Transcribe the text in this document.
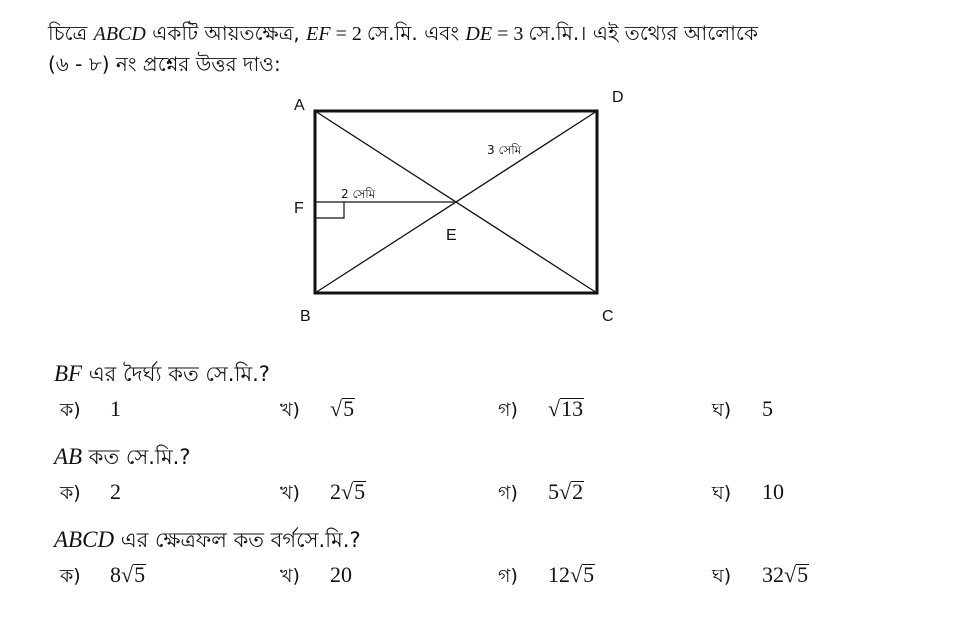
চিত্রে ABCD একটি আয়তক্ষেত্র, EF = 2 সে.মি. এবং DE = 3 সে.মি.। এই তথ্যের আলোকে
(৬ - ৮) নং প্রশ্নের উত্তর দাও:
A	D
B	C
F
E
2 সেমি
3 সেমি
BF এর দৈর্ঘ্য কত সে.মি.?
ক) 1	খ) √5	গ) √13	ঘ) 5
AB কত সে.মি.?
ক) 2	খ) 2√5	গ) 5√2	ঘ) 10
ABCD এর ক্ষেত্রফল কত বর্গসে.মি.?
ক) 8√5	খ) 20	গ) 12√5	ঘ) 32√5
